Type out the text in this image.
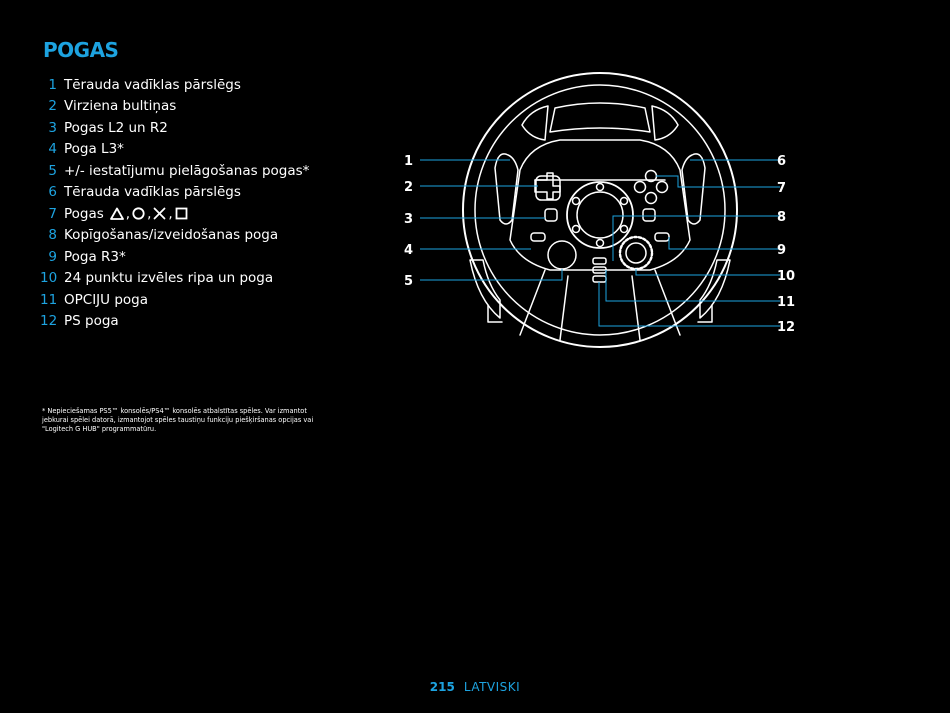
POGAS
1 Tērauda vadīklas pārslēgs
2 Virziena bultiņas
3 Pogas L2 un R2
4 Poga L3*
5 +/- iestatījumu pielāgošanas pogas*
6 Tērauda vadīklas pārslēgs
7 Pogas	,
,
,
8 Kopīgošanas/izveidošanas poga
9 Poga R3*
10 24 punktu izvēles ripa un poga
11 OPCIJU poga
12 PS poga
* Nepieciešamas PS5™ konsolēs/PS4™ konsolēs atbalstītas spēles. Var izmantot jebkurai spēlei datorā, izmantojot spēles taustiņu funkciju piešķiršanas opcijas vai "Logitech G HUB" programmatūru.
1
2
3
4
5
6
7
8
9
10
11
12
215 LATVISKI
